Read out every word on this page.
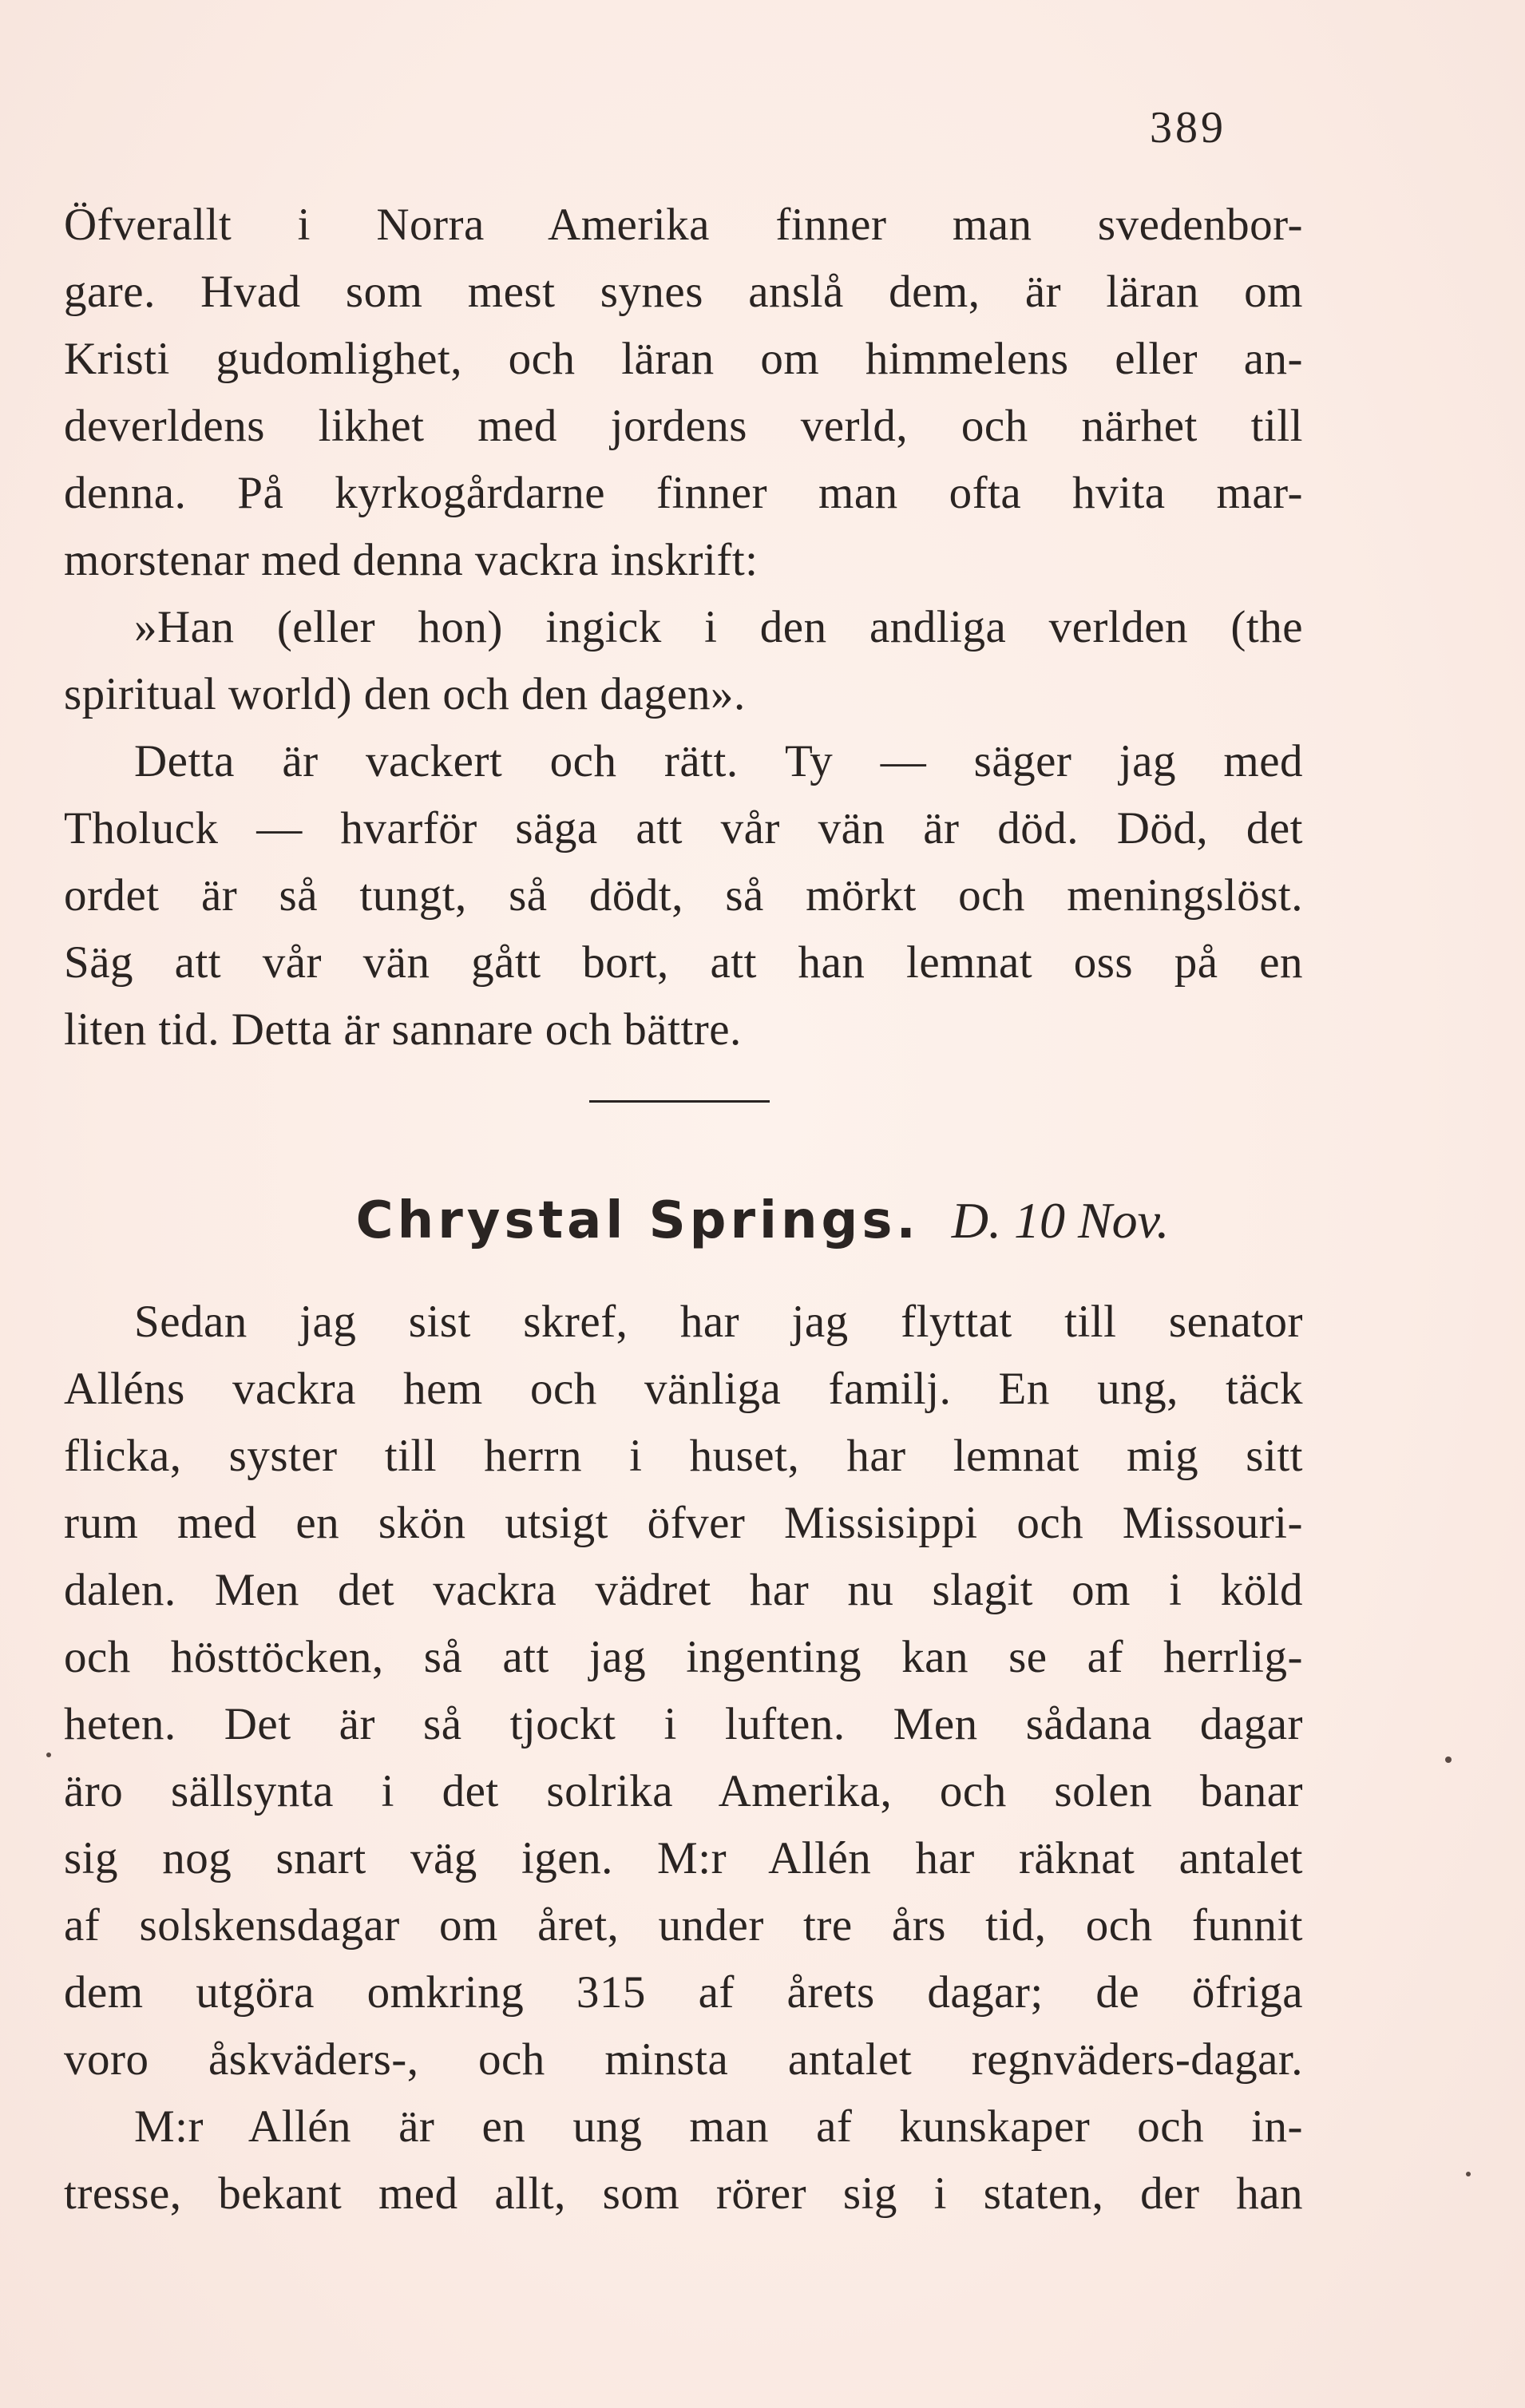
389
Öfverallt i Norra Amerika finner man svedenbor-
gare. Hvad som mest synes anslå dem, är läran om
Kristi gudomlighet, och läran om himmelens eller an-
deverldens likhet med jordens verld, och närhet till
denna. På kyrkogårdarne finner man ofta hvita mar-
morstenar med denna vackra inskrift:
»Han (eller hon) ingick i den andliga verlden (the
spiritual world) den och den dagen».
Detta är vackert och rätt. Ty — säger jag med
Tholuck — hvarför säga att vår vän är död. Död, det
ordet är så tungt, så dödt, så mörkt och meningslöst.
Säg att vår vän gått bort, att han lemnat oss på en
liten tid. Detta är sannare och bättre.
Chrystal Springs. D. 10 Nov.
Sedan jag sist skref, har jag flyttat till senator
Alléns vackra hem och vänliga familj. En ung, täck
flicka, syster till herrn i huset, har lemnat mig sitt
rum med en skön utsigt öfver Missisippi och Missouri-
dalen. Men det vackra vädret har nu slagit om i köld
och hösttöcken, så att jag ingenting kan se af herrlig-
heten. Det är så tjockt i luften. Men sådana dagar
äro sällsynta i det solrika Amerika, och solen banar
sig nog snart väg igen. M:r Allén har räknat antalet
af solskensdagar om året, under tre års tid, och funnit
dem utgöra omkring 315 af årets dagar; de öfriga
voro åskväders-, och minsta antalet regnväders-dagar.
M:r Allén är en ung man af kunskaper och in-
tresse, bekant med allt, som rörer sig i staten, der han
